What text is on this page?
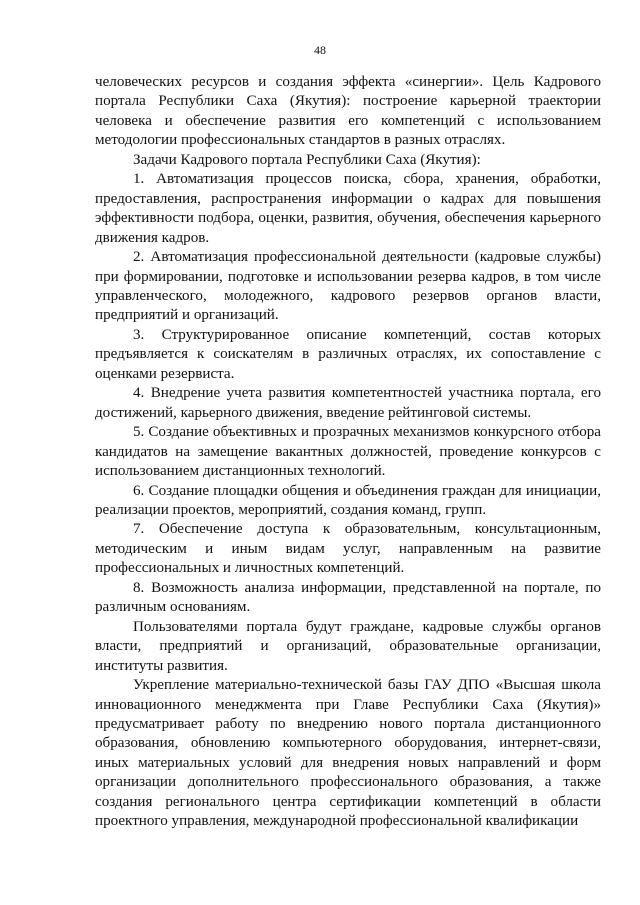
48

человеческих ресурсов и создания эффекта «синергии». Цель Кадрового портала Республики Саха (Якутия): построение карьерной траектории человека и обеспечение развития его компетенций с использованием методологии профессиональных стандартов в разных отраслях.

Задачи Кадрового портала Республики Саха (Якутия):

1. Автоматизация процессов поиска, сбора, хранения, обработки, предоставления, распространения информации о кадрах для повышения эффективности подбора, оценки, развития, обучения, обеспечения карьерного движения кадров.

2. Автоматизация профессиональной деятельности (кадровые службы) при формировании, подготовке и использовании резерва кадров, в том числе управленческого, молодежного, кадрового резервов органов власти, предприятий и организаций.

3. Структурированное описание компетенций, состав которых предъявляется к соискателям в различных отраслях, их сопоставление с оценками резервиста.

4. Внедрение учета развития компетентностей участника портала, его достижений, карьерного движения, введение рейтинговой системы.

5. Создание объективных и прозрачных механизмов конкурсного отбора кандидатов на замещение вакантных должностей, проведение конкурсов с использованием дистанционных технологий.

6. Создание площадки общения и объединения граждан для инициации, реализации проектов, мероприятий, создания команд, групп.

7. Обеспечение доступа к образовательным, консультационным, методическим и иным видам услуг, направленным на развитие профессиональных и личностных компетенций.

8. Возможность анализа информации, представленной на портале, по различным основаниям.

Пользователями портала будут граждане, кадровые службы органов власти, предприятий и организаций, образовательные организации, институты развития.

Укрепление материально-технической базы ГАУ ДПО «Высшая школа инновационного менеджмента при Главе Республики Саха (Якутия)» предусматривает работу по внедрению нового портала дистанционного образования, обновлению компьютерного оборудования, интернет-связи, иных материальных условий для внедрения новых направлений и форм организации дополнительного профессионального образования, а также создания регионального центра сертификации компетенций в области проектного управления, международной профессиональной квалификации
